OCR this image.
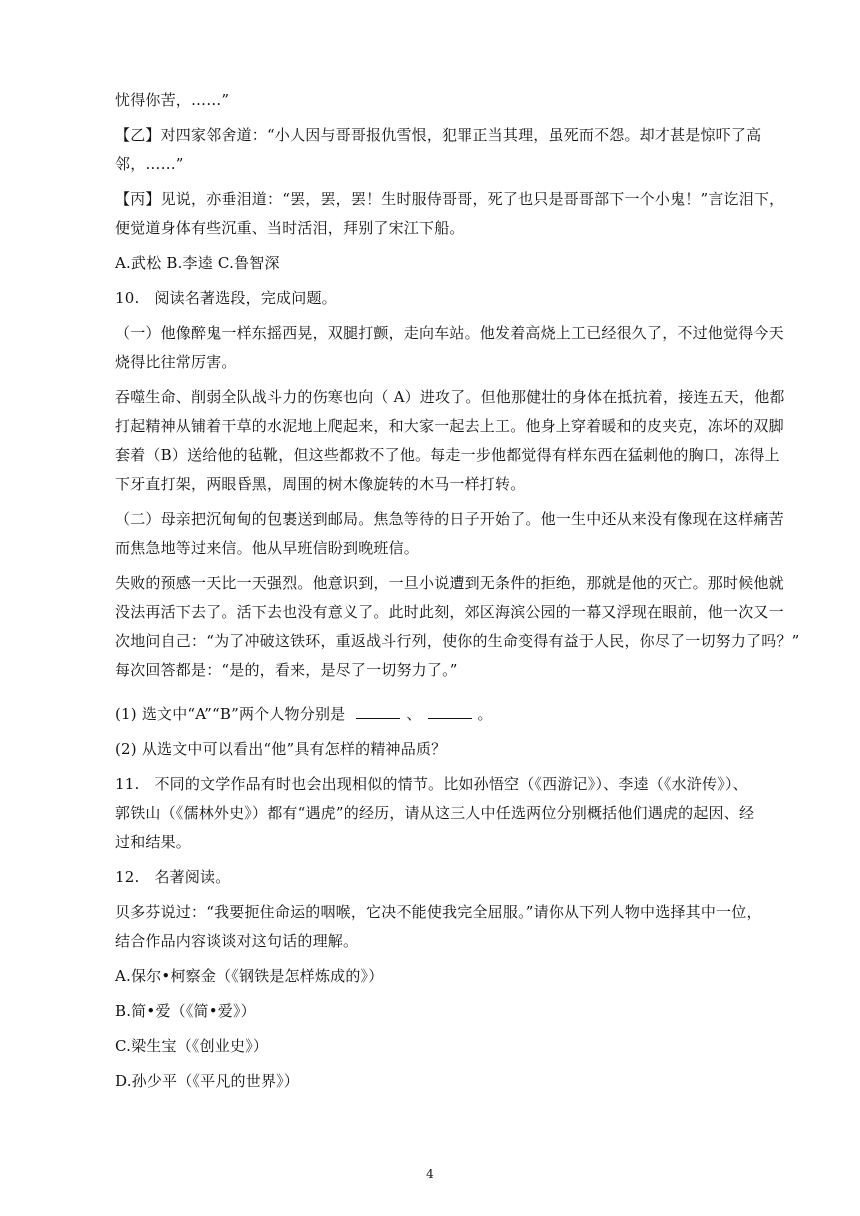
忧得你苦，……”
【乙】对四家邻舍道：“小人因与哥哥报仇雪恨，犯罪正当其理，虽死而不怨。却才甚是惊吓了高
邻，……”
【丙】见说，亦垂泪道：“罢，罢，罢！生时服侍哥哥，死了也只是哥哥部下一个小鬼！”言讫泪下，
便觉道身体有些沉重、当时活泪，拜别了宋江下船。
A.武松 B.李逵 C.鲁智深
10. 阅读名著选段，完成问题。
（一）他像醉鬼一样东摇西晃，双腿打颤，走向车站。他发着高烧上工已经很久了，不过他觉得今天
烧得比往常厉害。
吞噬生命、削弱全队战斗力的伤寒也向（ A）进攻了。但他那健壮的身体在抵抗着，接连五天，他都
打起精神从铺着干草的水泥地上爬起来，和大家一起去上工。他身上穿着暖和的皮夹克，冻坏的双脚
套着（B）送给他的毡靴，但这些都救不了他。每走一步他都觉得有样东西在猛刺他的胸口，冻得上
下牙直打架，两眼昏黑，周围的树木像旋转的木马一样打转。
（二）母亲把沉甸甸的包裹送到邮局。焦急等待的日子开始了。他一生中还从来没有像现在这样痛苦
而焦急地等过来信。他从早班信盼到晚班信。
失败的预感一天比一天强烈。他意识到，一旦小说遭到无条件的拒绝，那就是他的灭亡。那时候他就
没法再活下去了。活下去也没有意义了。此时此刻，郊区海滨公园的一幕又浮现在眼前，他一次又一
次地问自己：“为了冲破这铁环，重返战斗行列，使你的生命变得有益于人民，你尽了一切努力了吗？”
每次回答都是：“是的，看来，是尽了一切努力了。”
(1) 选文中“A”“B”两个人物分别是	、	。
(2) 从选文中可以看出“他”具有怎样的精神品质？
11. 不同的文学作品有时也会出现相似的情节。比如孙悟空（《西游记》）、李逵（《水浒传》）、
郭铁山（《儒林外史》）都有“遇虎”的经历，请从这三人中任选两位分别概括他们遇虎的起因、经
过和结果。
12. 名著阅读。
贝多芬说过：“我要扼住命运的咽喉，它决不能使我完全屈服。”请你从下列人物中选择其中一位，
结合作品内容谈谈对这句话的理解。
A.保尔•柯察金（《钢铁是怎样炼成的》）
B.简•爱（《简•爱》）
C.梁生宝（《创业史》）
D.孙少平（《平凡的世界》）
4
